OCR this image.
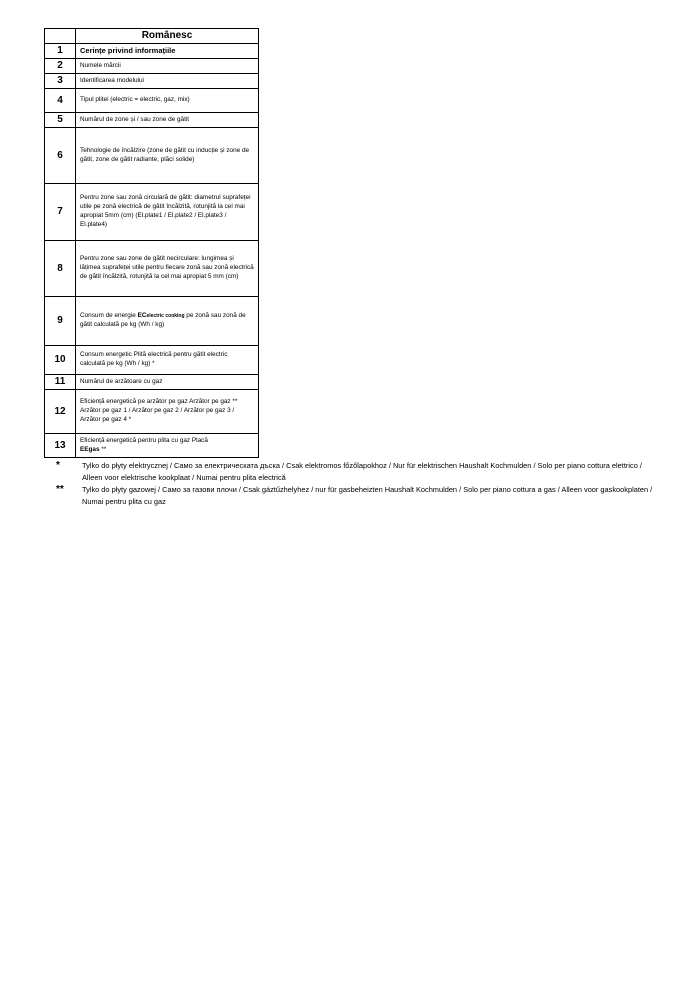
	Românesc
1	Cerințe privind informațiile
2	Numele mărcii
3	Identificarea modelului
4	Tipul plitei (electric = electric, gaz, mix)
5	Numărul de zone și / sau zone de gătit
6	Tehnologie de încălzire (zone de gătit cu inducție și zone de gătit, zone de gătit radiante, plăci solide)
7	Pentru zone sau zonă circulară de gătit: diametrul suprafeței utile pe zonă electrică de gătit încălzită, rotunjită la cel mai apropiat 5mm (cm) (El.plate1 / El.plate2 / El.plate3 / El.plate4)
8	Pentru zone sau zone de gătit necirculare: lungimea și lățimea suprafeței utile pentru fiecare zonă sau zonă electrică de gătit încălzită, rotunjită la cel mai apropiat 5 mm (cm)
9	Consum de energie ECelectric cooking pe zonă sau zonă de gătit calculată pe kg (Wh / kg)
10	Consum energetic Plită electrică pentru gătit electric calculată pe kg (Wh / kg) *
11	Numărul de arzătoare cu gaz
12	Eficiență energetică pe arzător pe gaz Arzător pe gaz **
Arzător pe gaz 1 / Arzător pe gaz 2 / Arzător pe gaz 3 / Arzător pe gaz 4 *
13	Eficiență energetică pentru plita cu gaz Placă
EEgas **
*	Tylko do płyty elektrycznej / Само за електрическата дъска / Csak elektromos főzőlapokhoz / Nur für elektrischen Haushalt Kochmulden / Solo per piano cottura elettrico / Alleen voor elektrische kookplaat / Numai pentru plita electrică
**	Tylko do płyty gazowej / Само за газови плочи / Csak gáztűzhelyhez / nur für gasbeheizten Haushalt Kochmulden / Solo per piano cottura a gas / Alleen voor gaskookplaten / Numai pentru plita cu gaz
